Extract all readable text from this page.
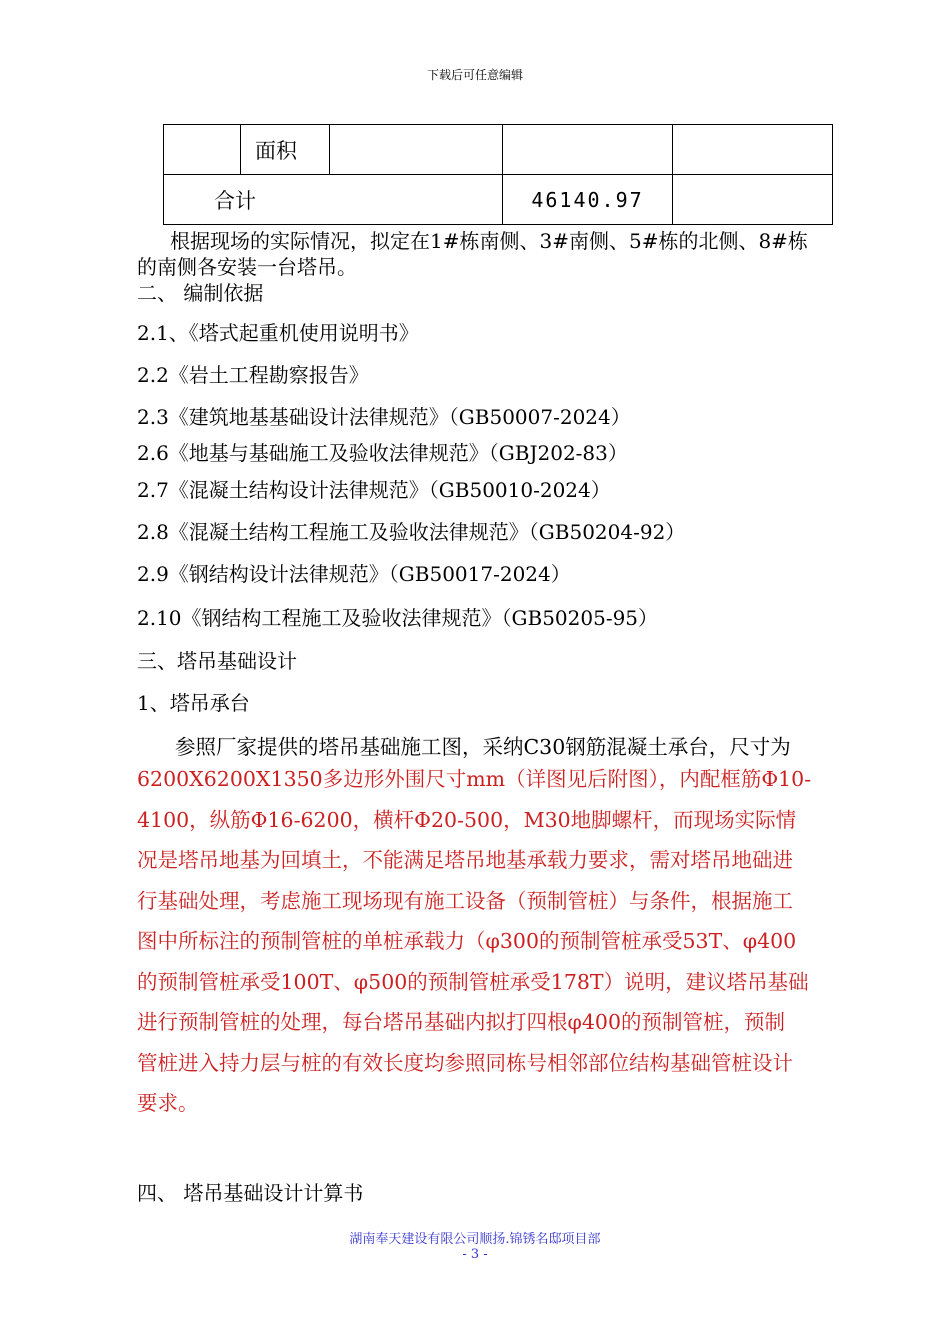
下载后可任意编辑
	面积			
合计			46140.97	
根据现场的实际情况，拟定在1#栋南侧、3#南侧、5#栋的北侧、8#栋
的南侧各安装一台塔吊。
二、 编制依据
2.1、《塔式起重机使用说明书》
2.2《岩土工程勘察报告》
2.3《建筑地基基础设计法律规范》（GB50007-2024）
2.6《地基与基础施工及验收法律规范》（GBJ202-83）
2.7《混凝土结构设计法律规范》（GB50010-2024）
2.8《混凝土结构工程施工及验收法律规范》（GB50204-92）
2.9《钢结构设计法律规范》（GB50017-2024）
2.10《钢结构工程施工及验收法律规范》（GB50205-95）
三、塔吊基础设计
1、塔吊承台
参照厂家提供的塔吊基础施工图，采纳C30钢筋混凝土承台，尺寸为
6200X6200X1350多边形外围尺寸mm（详图见后附图），内配框筋Φ10-
4100，纵筋Φ16-6200，横杆Φ20-500，M30地脚螺杆，而现场实际情
况是塔吊地基为回填土，不能满足塔吊地基承载力要求，需对塔吊地础进
行基础处理，考虑施工现场现有施工设备（预制管桩）与条件，根据施工
图中所标注的预制管桩的单桩承载力（φ300的预制管桩承受53T、φ400
的预制管桩承受100T、φ500的预制管桩承受178T）说明，建议塔吊基础
进行预制管桩的处理，每台塔吊基础内拟打四根φ400的预制管桩，预制
管桩进入持力层与桩的有效长度均参照同栋号相邻部位结构基础管桩设计
要求。
四、 塔吊基础设计计算书
湖南奉天建设有限公司顺扬.锦锈名邸项目部
- 3 -
